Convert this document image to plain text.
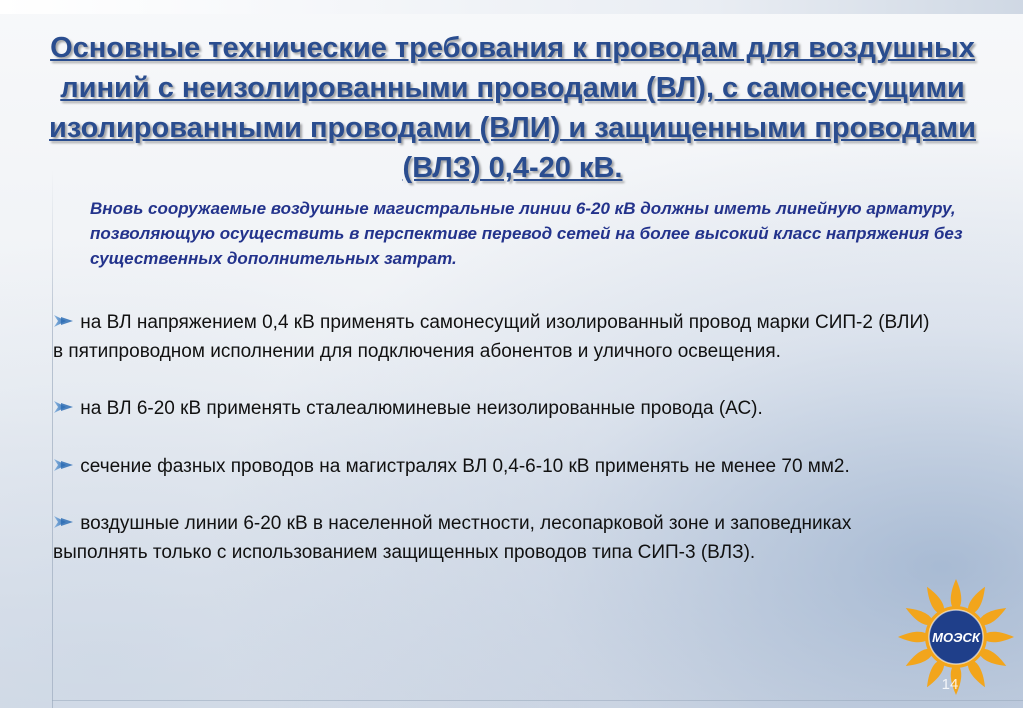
Основные технические требования к проводам для воздушных линий с неизолированными проводами (ВЛ), с самонесущими изолированными проводами (ВЛИ) и защищенными проводами (ВЛЗ) 0,4-20 кВ.

Вновь сооружаемые воздушные магистральные линии 6-20 кВ должны иметь линейную арматуру, позволяющую осуществить в перспективе перевод сетей на более высокий класс напряжения без существенных дополнительных затрат.

на ВЛ напряжением 0,4 кВ применять самонесущий изолированный провод марки СИП-2 (ВЛИ) в пятипроводном исполнении для подключения абонентов и уличного освещения.

на ВЛ 6-20 кВ применять сталеалюминевые неизолированные провода (АС).

сечение фазных проводов на магистралях ВЛ 0,4-6-10 кВ применять не менее 70 мм2.

воздушные линии 6-20 кВ в населенной местности, лесопарковой зоне и заповедниках выполнять только с использованием защищенных проводов типа СИП-3 (ВЛЗ).

МОЭСК
14
